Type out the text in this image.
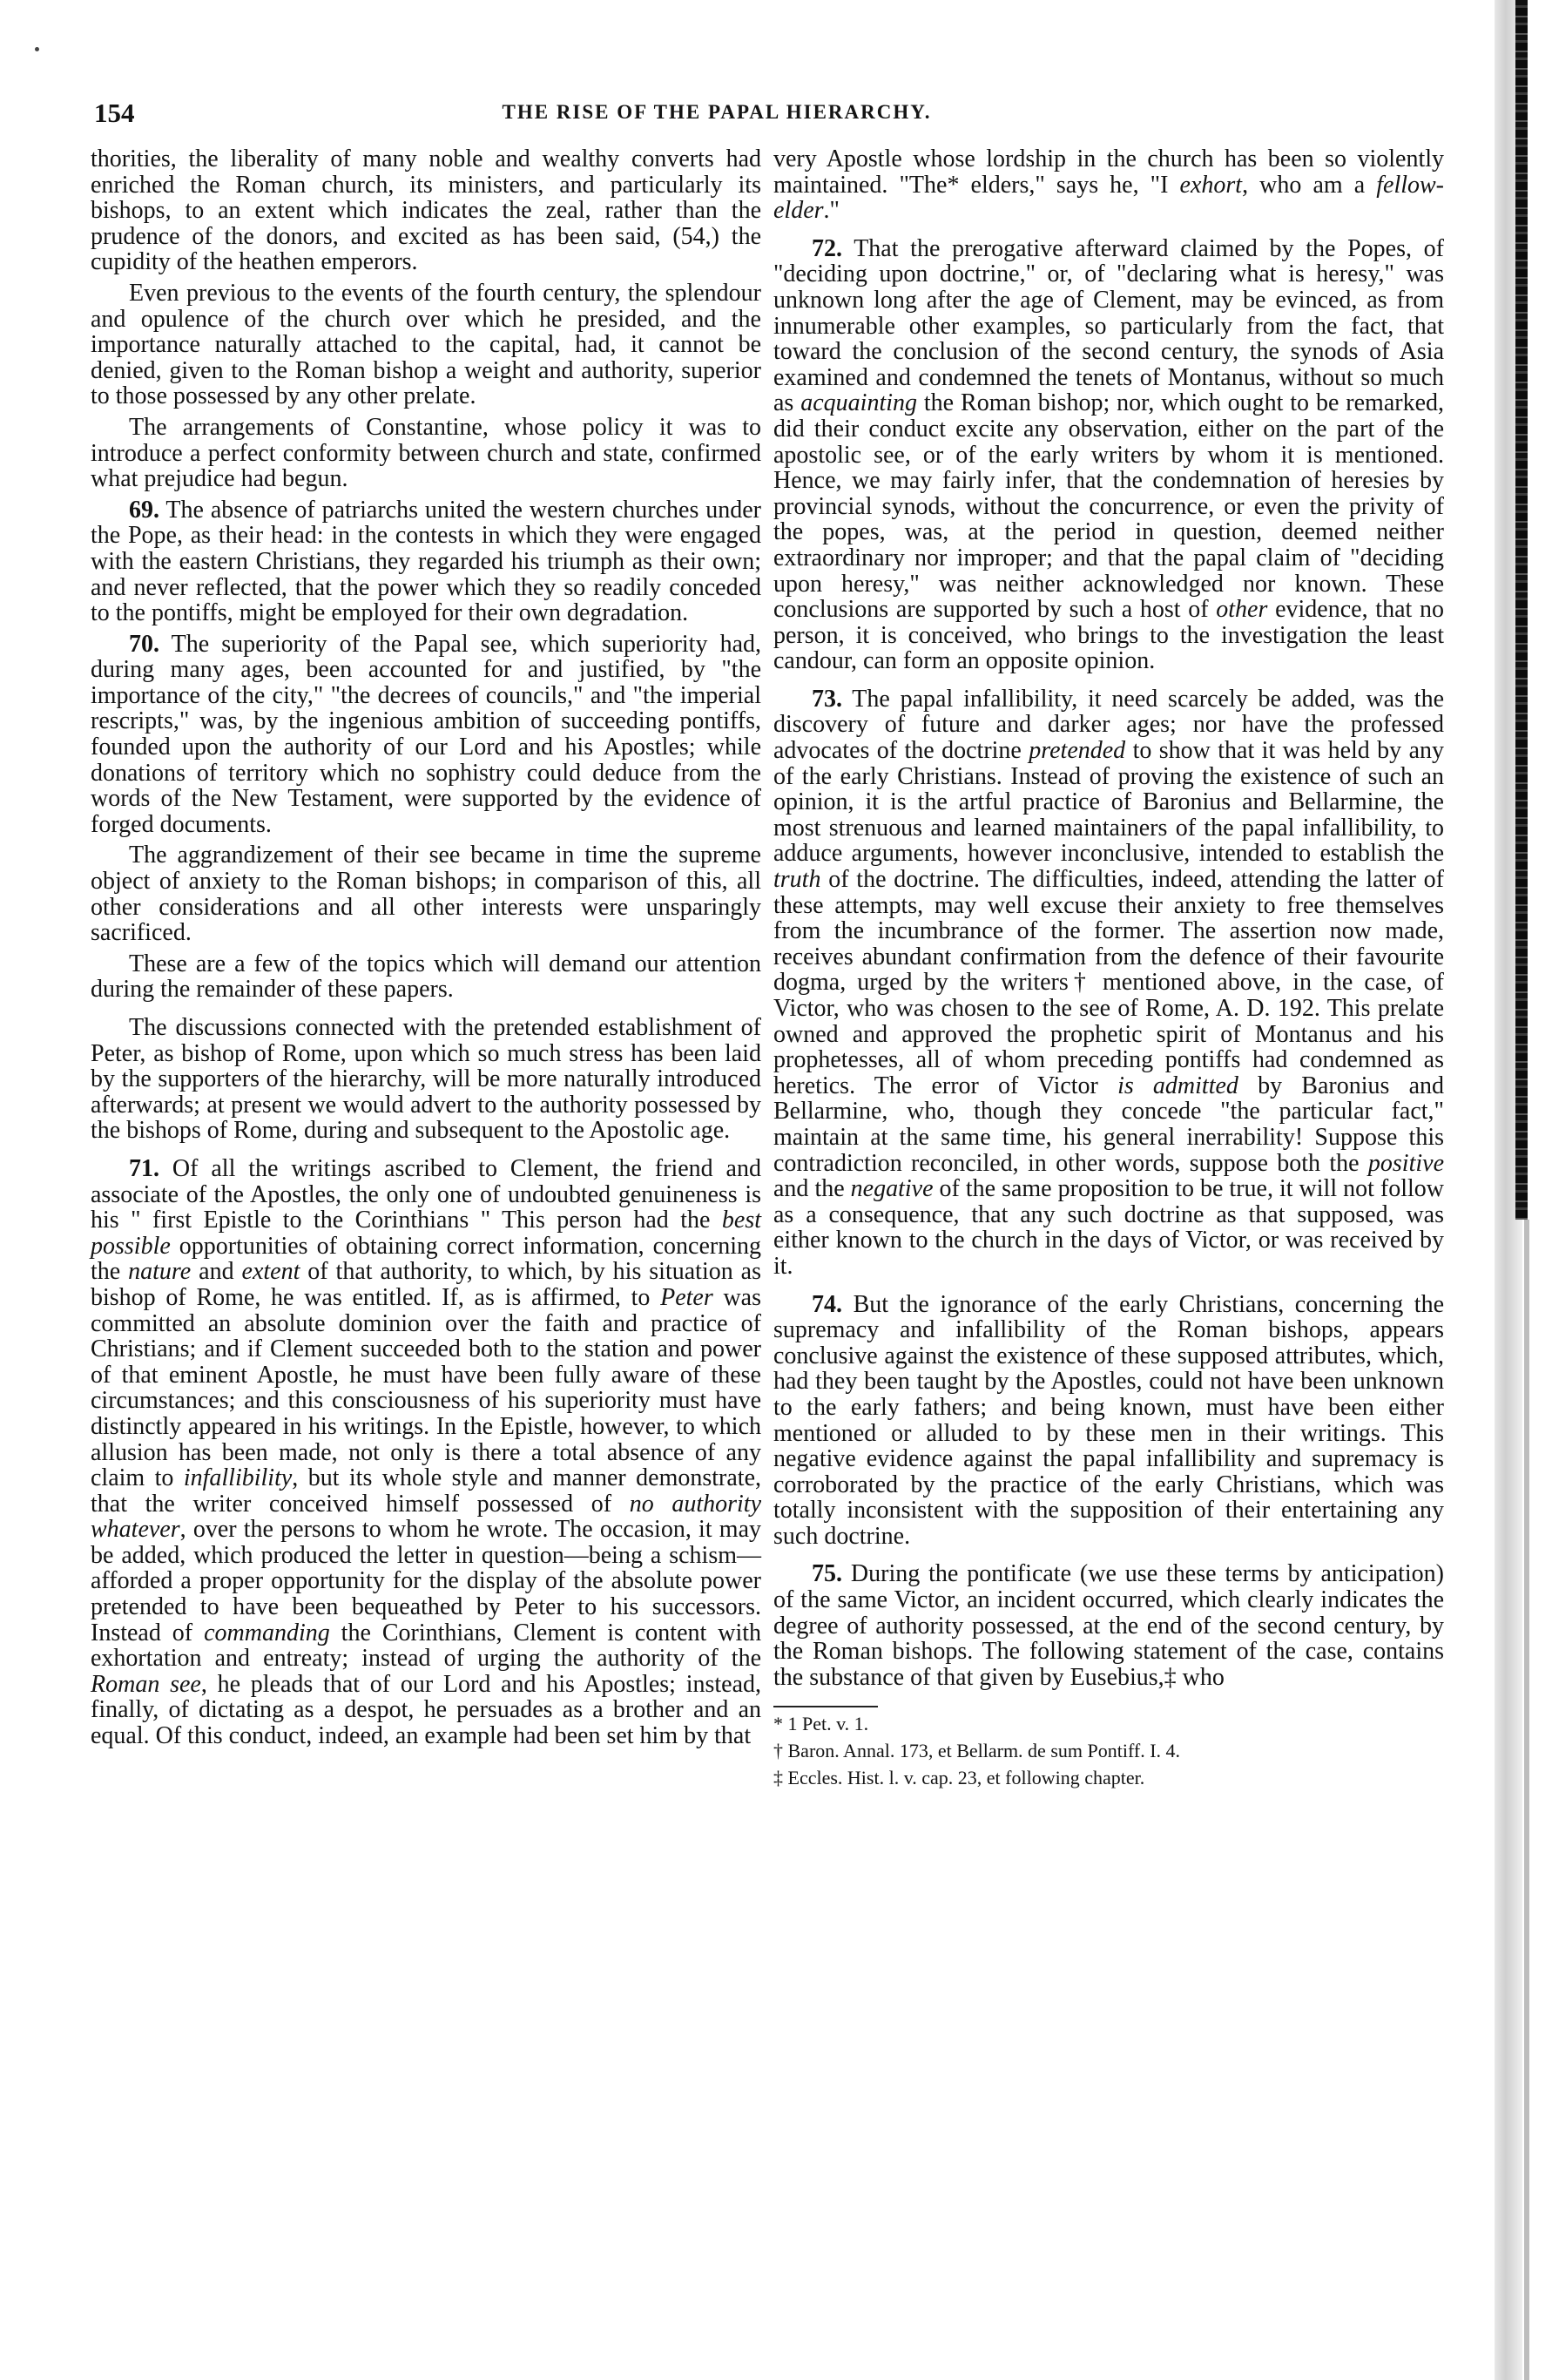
154	THE RISE OF THE PAPAL HIERARCHY.

thorities, the liberality of many noble and wealthy converts had enriched the Roman church, its ministers, and particularly its bishops, to an extent which indicates the zeal, rather than the prudence of the donors, and excited as has been said, (54,) the cupidity of the heathen emperors.

Even previous to the events of the fourth century, the splendour and opulence of the church over which he presided, and the importance naturally attached to the capital, had, it cannot be denied, given to the Roman bishop a weight and authority, superior to those possessed by any other prelate.

The arrangements of Constantine, whose policy it was to introduce a perfect conformity between church and state, confirmed what prejudice had begun.

69. The absence of patriarchs united the western churches under the Pope, as their head: in the contests in which they were engaged with the eastern Christians, they regarded his triumph as their own; and never reflected, that the power which they so readily conceded to the pontiffs, might be employed for their own degradation.

70. The superiority of the Papal see, which superiority had, during many ages, been accounted for and justified, by "the importance of the city," "the decrees of councils," and "the imperial rescripts," was, by the ingenious ambition of succeeding pontiffs, founded upon the authority of our Lord and his Apostles; while donations of territory which no sophistry could deduce from the words of the New Testament, were supported by the evidence of forged documents.

The aggrandizement of their see became in time the supreme object of anxiety to the Roman bishops; in comparison of this, all other considerations and all other interests were unsparingly sacrificed.

These are a few of the topics which will demand our attention during the remainder of these papers.

The discussions connected with the pretended establishment of Peter, as bishop of Rome, upon which so much stress has been laid by the supporters of the hierarchy, will be more naturally introduced afterwards; at present we would advert to the authority possessed by the bishops of Rome, during and subsequent to the Apostolic age.

71. Of all the writings ascribed to Clement, the friend and associate of the Apostles, the only one of undoubted genuineness is his " first Epistle to the Corinthians " This person had the best possible opportunities of obtaining correct information, concerning the nature and extent of that authority, to which, by his situation as bishop of Rome, he was entitled. If, as is affirmed, to Peter was committed an absolute dominion over the faith and practice of Christians; and if Clement succeeded both to the station and power of that eminent Apostle, he must have been fully aware of these circumstances; and this consciousness of his superiority must have distinctly appeared in his writings. In the Epistle, however, to which allusion has been made, not only is there a total absence of any claim to infallibility, but its whole style and manner demonstrate, that the writer conceived himself possessed of no authority whatever, over the persons to whom he wrote. The occasion, it may be added, which produced the letter in question—being a schism—afforded a proper opportunity for the display of the absolute power pretended to have been bequeathed by Peter to his successors. Instead of commanding the Corinthians, Clement is content with exhortation and entreaty; instead of urging the authority of the Roman see, he pleads that of our Lord and his Apostles; instead, finally, of dictating as a despot, he persuades as a brother and an equal. Of this conduct, indeed, an example had been set him by that

very Apostle whose lordship in the church has been so violently maintained. "The* elders," says he, "I exhort, who am a fellow-elder."

72. That the prerogative afterward claimed by the Popes, of "deciding upon doctrine," or, of "declaring what is heresy," was unknown long after the age of Clement, may be evinced, as from innumerable other examples, so particularly from the fact, that toward the conclusion of the second century, the synods of Asia examined and condemned the tenets of Montanus, without so much as acquainting the Roman bishop; nor, which ought to be remarked, did their conduct excite any observation, either on the part of the apostolic see, or of the early writers by whom it is mentioned. Hence, we may fairly infer, that the condemnation of heresies by provincial synods, without the concurrence, or even the privity of the popes, was, at the period in question, deemed neither extraordinary nor improper; and that the papal claim of "deciding upon heresy," was neither acknowledged nor known. These conclusions are supported by such a host of other evidence, that no person, it is conceived, who brings to the investigation the least candour, can form an opposite opinion.

73. The papal infallibility, it need scarcely be added, was the discovery of future and darker ages; nor have the professed advocates of the doctrine pretended to show that it was held by any of the early Christians. Instead of proving the existence of such an opinion, it is the artful practice of Baronius and Bellarmine, the most strenuous and learned maintainers of the papal infallibility, to adduce arguments, however inconclusive, intended to establish the truth of the doctrine. The difficulties, indeed, attending the latter of these attempts, may well excuse their anxiety to free themselves from the incumbrance of the former. The assertion now made, receives abundant confirmation from the defence of their favourite dogma, urged by the writers† mentioned above, in the case, of Victor, who was chosen to the see of Rome, A. D. 192. This prelate owned and approved the prophetic spirit of Montanus and his prophetesses, all of whom preceding pontiffs had condemned as heretics. The error of Victor is admitted by Baronius and Bellarmine, who, though they concede "the particular fact," maintain at the same time, his general inerrability! Suppose this contradiction reconciled, in other words, suppose both the positive and the negative of the same proposition to be true, it will not follow as a consequence, that any such doctrine as that supposed, was either known to the church in the days of Victor, or was received by it.

74. But the ignorance of the early Christians, concerning the supremacy and infallibility of the Roman bishops, appears conclusive against the existence of these supposed attributes, which, had they been taught by the Apostles, could not have been unknown to the early fathers; and being known, must have been either mentioned or alluded to by these men in their writings. This negative evidence against the papal infallibility and supremacy is corroborated by the practice of the early Christians, which was totally inconsistent with the supposition of their entertaining any such doctrine.

75. During the pontificate (we use these terms by anticipation) of the same Victor, an incident occurred, which clearly indicates the degree of authority possessed, at the end of the second century, by the Roman bishops. The following statement of the case, contains the substance of that given by Eusebius,‡ who

* 1 Pet. v. 1.

† Baron. Annal. 173, et Bellarm. de sum Pontiff. I. 4.

‡ Eccles. Hist. l. v. cap. 23, et following chapter.
